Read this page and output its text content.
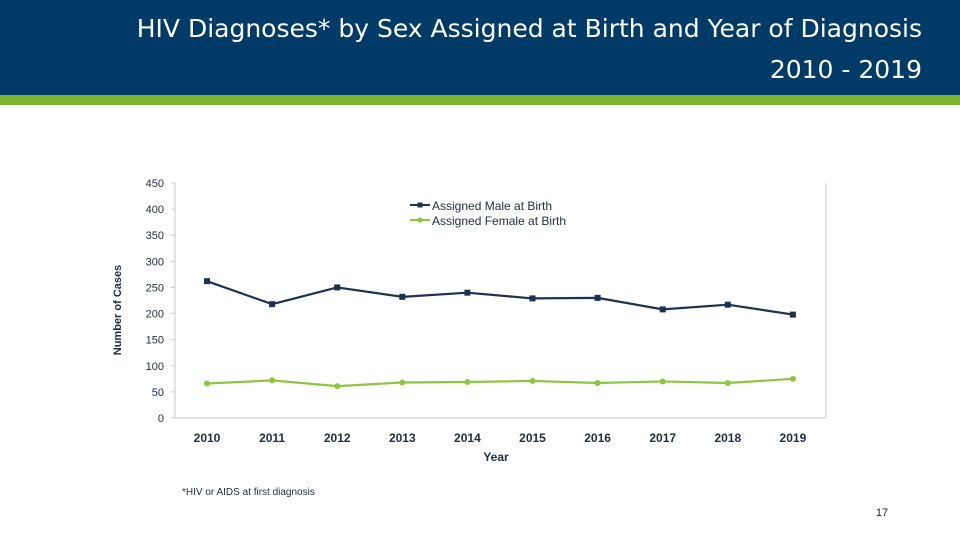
HIV Diagnoses* by Sex Assigned at Birth and Year of Diagnosis
2010 - 2019
0
50
100
150
200
250
300
350
400
450
2010	2011	2012	2013	2014	2015	2016	2017	2018	2019
Number of Cases
Year
Assigned Male at Birth
Assigned Female at Birth
*HIV or AIDS at first diagnosis
17
